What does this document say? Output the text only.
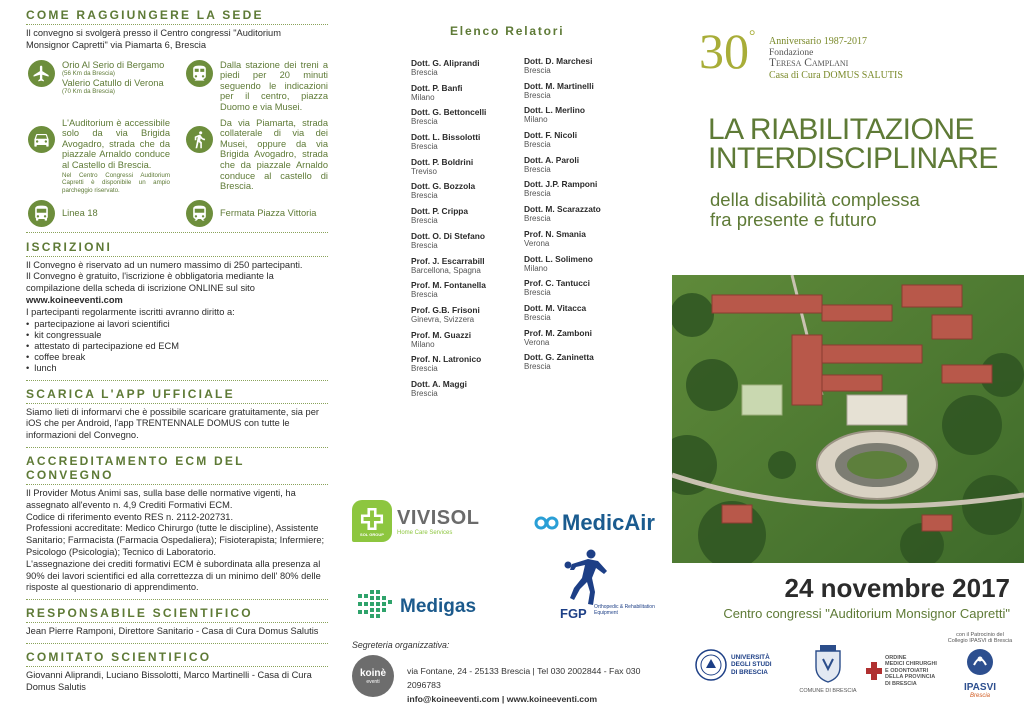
COME RAGGIUNGERE LA SEDE
Il convegno si svolgerà presso il Centro congressi "Auditorium Monsignor Capretti" via Piamarta 6, Brescia
Orio Al Serio di Bergamo
(56 Km da Brescia)
Valerio Catullo di Verona
(70 Km da Brescia)
Dalla stazione dei treni a piedi per 20 minuti seguendo le indicazioni per il centro, piazza Duomo e via Musei.
L'Auditorium è accessibile solo da via Brigida Avogadro, strada che da piazzale Arnaldo conduce al Castello di Brescia.
Nel Centro Congressi Auditorium Capretti è disponibile un ampio parcheggio riservato.
Da via Piamarta, strada collaterale di via dei Musei, oppure da via Brigida Avogadro, strada che da piazzale Arnaldo conduce al castello di Brescia.
Linea 18	Fermata Piazza Vittoria
ISCRIZIONI
Il Convegno è riservato ad un numero massimo di 250 partecipanti.
Il Convegno è gratuito, l'iscrizione è obbligatoria mediante la compilazione della scheda di iscrizione ONLINE sul sito www.koineeventi.com
I partecipanti regolarmente iscritti avranno diritto a:
• partecipazione ai lavori scientifici
• kit congressuale
• attestato di partecipazione ed ECM
• coffee break
• lunch
SCARICA L'APP UFFICIALE
Siamo lieti di informarvi che è possibile scaricare gratuitamente, sia per iOS che per Android, l'app TRENTENNALE DOMUS con tutte le informazioni del Convegno.
ACCREDITAMENTO ECM DEL CONVEGNO
Il Provider Motus Animi sas, sulla base delle normative vigenti, ha assegnato all'evento n. 4,9 Crediti Formativi ECM.
Codice di riferimento evento RES n. 2112-202731.
Professioni accreditate: Medico Chirurgo (tutte le discipline), Assistente Sanitario; Farmacista (Farmacia Ospedaliera); Fisioterapista; Infermiere; Psicologo (Psicologia); Tecnico di Laboratorio.
L'assegnazione dei crediti formativi ECM è subordinata alla presenza al 90% dei lavori scientifici ed alla correttezza di un minimo dell' 80% delle risposte al questionario di apprendimento.
RESPONSABILE SCIENTIFICO
Jean Pierre Ramponi, Direttore Sanitario - Casa di Cura Domus Salutis
COMITATO SCIENTIFICO
Giovanni Aliprandi, Luciano Bissolotti, Marco Martinelli - Casa di Cura Domus Salutis
Elenco Relatori
Dott. G. Aliprandi
Brescia
Dott. P. Banfi
Milano
Dott. G. Bettoncelli
Brescia
Dott. L. Bissolotti
Brescia
Dott. P. Boldrini
Treviso
Dott. G. Bozzola
Brescia
Dott. P. Crippa
Brescia
Dott. O. Di Stefano
Brescia
Prof. J. Escarrabill
Barcellona, Spagna
Prof. M. Fontanella
Brescia
Prof. G.B. Frisoni
Ginevra, Svizzera
Prof. M. Guazzi
Milano
Prof. N. Latronico
Brescia
Dott. A. Maggi
Brescia
Dott. D. Marchesi
Brescia
Dott. M. Martinelli
Brescia
Dott. L. Merlino
Milano
Dott. F. Nicoli
Brescia
Dott. A. Paroli
Brescia
Dott. J.P. Ramponi
Brescia
Dott. M. Scarazzato
Brescia
Prof. N. Smania
Verona
Dott. L. Solimeno
Milano
Prof. C. Tantucci
Brescia
Dott. M. Vitacca
Brescia
Prof. M. Zamboni
Verona
Dott. G. Zaninetta
Brescia
SOL GROUP
VIVISOL
Home Care Services	MedicAir
Medigas	FGP Orthopedic & Rehabilitation Equipment
Segreteria organizzativa:
koinè
eventi
via Fontane, 24 - 25133 Brescia | Tel 030 2002844 - Fax 030 2096783
info@koineeventi.com | www.koineeventi.com
30° Anniversario 1987-2017
Fondazione
Teresa Camplani
Casa di Cura DOMUS SALUTIS
LA RIABILITAZIONE
INTERDISCIPLINARE
della disabilità complessa
fra presente e futuro
24 novembre 2017
Centro congressi "Auditorium Monsignor Capretti"
UNIVERSITÀ
DEGLI STUDI
DI BRESCIA
COMUNE DI BRESCIA
ORDINE
MEDICI CHIRURGHI
E ODONTOIATRI
DELLA PROVINCIA
DI BRESCIA
con il Patrocinio del
Collegio IPASVI di Brescia
IPASVI
Brescia
